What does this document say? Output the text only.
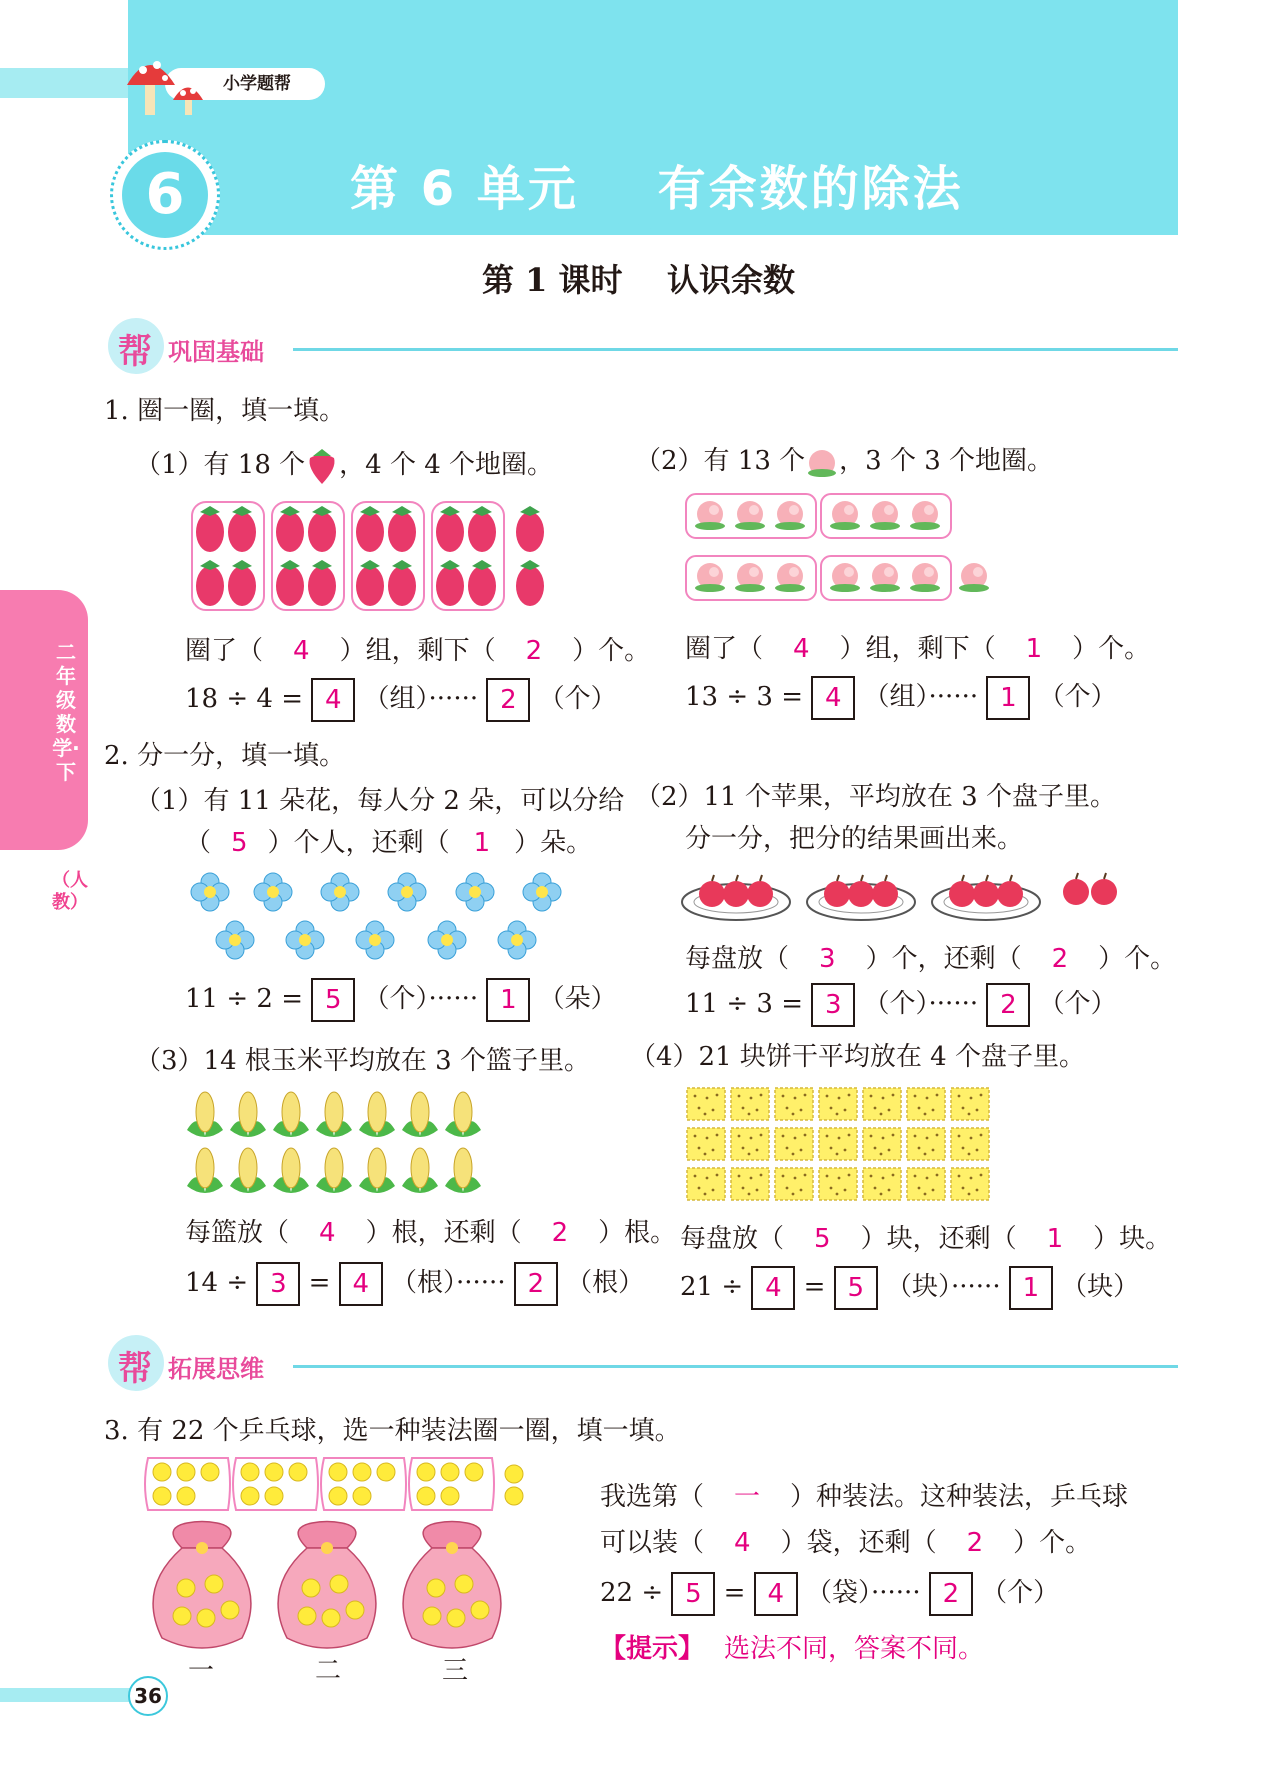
小学题帮
6	第 6 单元    有余数的除法
第 1 课时    认识余数
帮 巩固基础
二年级数学·下
（人教）
1. 圈一圈，填一填。
（1）有 18 个 ，4 个 4 个地圈。
圈了（ 4 ）组，剩下（ 2 ）个。
18 ÷ 4 = 4 （组）······ 2 （个）
（2）有 13 个 ，3 个 3 个地圈。
圈了（ 4 ）组，剩下（ 1 ）个。
13 ÷ 3 = 4 （组）······ 1 （个）
2. 分一分，填一填。
（1）有 11 朵花，每人分 2 朵，可以分给
（ 5 ）个人，还剩（ 1 ）朵。
11 ÷ 2 = 5 （个）······ 1 （朵）
（2）11 个苹果，平均放在 3 个盘子里。
分一分，把分的结果画出来。
每盘放（ 3 ）个，还剩（ 2 ）个。
11 ÷ 3 = 3 （个）······ 2 （个）
（3）14 根玉米平均放在 3 个篮子里。
每篮放（ 4 ）根，还剩（ 2 ）根。
14 ÷ 3 = 4 （根）······ 2 （根）
（4）21 块饼干平均放在 4 个盘子里。
每盘放（ 5 ）块，还剩（ 1 ）块。
21 ÷ 4 = 5 （块）······ 1 （块）
帮 拓展思维
3. 有 22 个乒乓球，选一种装法圈一圈，填一填。
一	二	三
我选第（ 一 ）种装法。这种装法，乒乓球
可以装（ 4 ）袋，还剩（ 2 ）个。
22 ÷ 5 = 4 （袋）······ 2 （个）
【提示】 选法不同，答案不同。
36
